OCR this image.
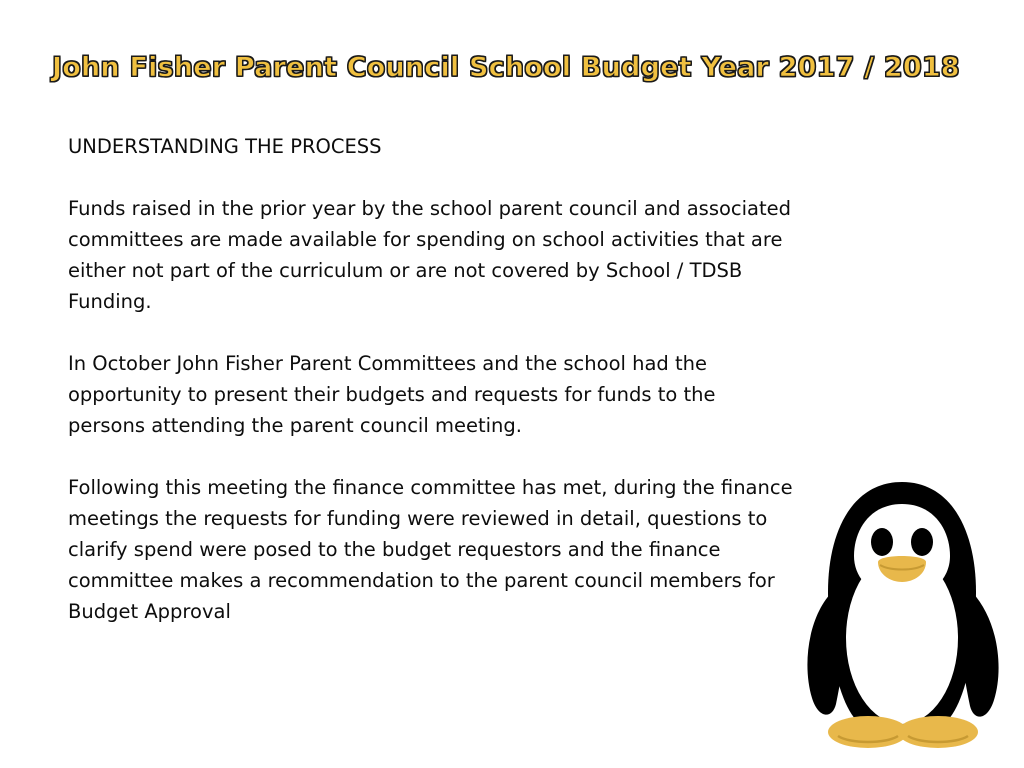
John Fisher Parent Council School Budget Year 2017 / 2018
UNDERSTANDING THE PROCESS
Funds raised in the prior year by the school parent council and associated committees are made available for spending on school activities that are either not part of the curriculum or are not covered by School / TDSB Funding.
In October John Fisher Parent Committees and the school had the opportunity to present their budgets and requests for funds to the persons attending the parent council meeting.
Following this meeting the finance committee has met, during the finance meetings the requests for funding were reviewed in detail, questions to clarify spend were posed to the budget requestors and the finance committee makes a recommendation to the parent council members for Budget Approval
